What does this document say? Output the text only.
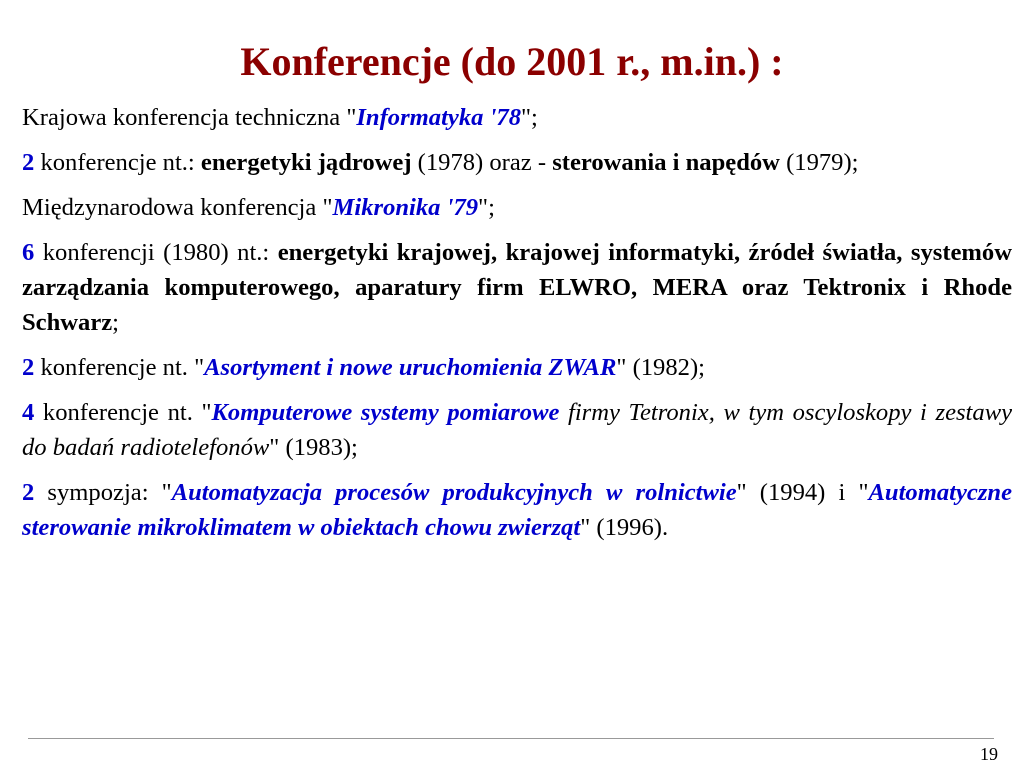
Konferencje (do 2001 r., m.in.) :

Krajowa konferencja techniczna "Informatyka '78";

2 konferencje nt.: energetyki jądrowej (1978) oraz - sterowania i napędów (1979);

Międzynarodowa konferencja "Mikronika '79";

6 konferencji (1980) nt.: energetyki krajowej, krajowej informatyki, źródeł światła, systemów zarządzania komputerowego, aparatury firm ELWRO, MERA oraz Tektronix i Rhode Schwarz;

2 konferencje nt. "Asortyment i nowe uruchomienia ZWAR" (1982);

4 konferencje nt. "Komputerowe systemy pomiarowe firmy Tetronix, w tym oscyloskopy i zestawy do badań radiotelefonów" (1983);

2 sympozja: "Automatyzacja procesów produkcyjnych w rolnictwie" (1994) i "Automatyczne sterowanie mikroklimatem w obiektach chowu zwierząt" (1996).

19
